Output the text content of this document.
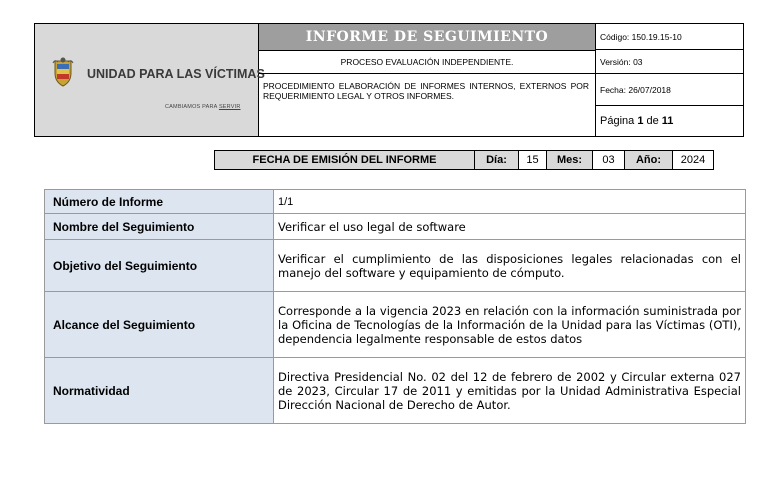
UNIDAD PARA LAS VÍCTIMAS
CAMBIAMOS PARA SERVIR
INFORME DE SEGUIMIENTO
PROCESO EVALUACIÓN INDEPENDIENTE.
PROCEDIMIENTO ELABORACIÓN DE INFORMES INTERNOS, EXTERNOS POR REQUERIMIENTO LEGAL Y OTROS INFORMES.
Código: 150.19.15-10
Versión: 03
Fecha: 26/07/2018
Página 1 de 11
FECHA DE EMISIÓN DEL INFORME	Día:	15	Mes:	03	Año:	2024
Número de Informe	1/1
Nombre del Seguimiento	Verificar el uso legal de software
Objetivo del Seguimiento	Verificar el cumplimiento de las disposiciones legales relacionadas con el manejo del software y equipamiento de cómputo.
Alcance del Seguimiento	Corresponde a la vigencia 2023 en relación con la información suministrada por la Oficina de Tecnologías de la Información de la Unidad para las Víctimas (OTI), dependencia legalmente responsable de estos datos
Normatividad	Directiva Presidencial No. 02 del 12 de febrero de 2002 y Circular externa 027 de 2023, Circular 17 de 2011 y emitidas por la Unidad Administrativa Especial Dirección Nacional de Derecho de Autor.
